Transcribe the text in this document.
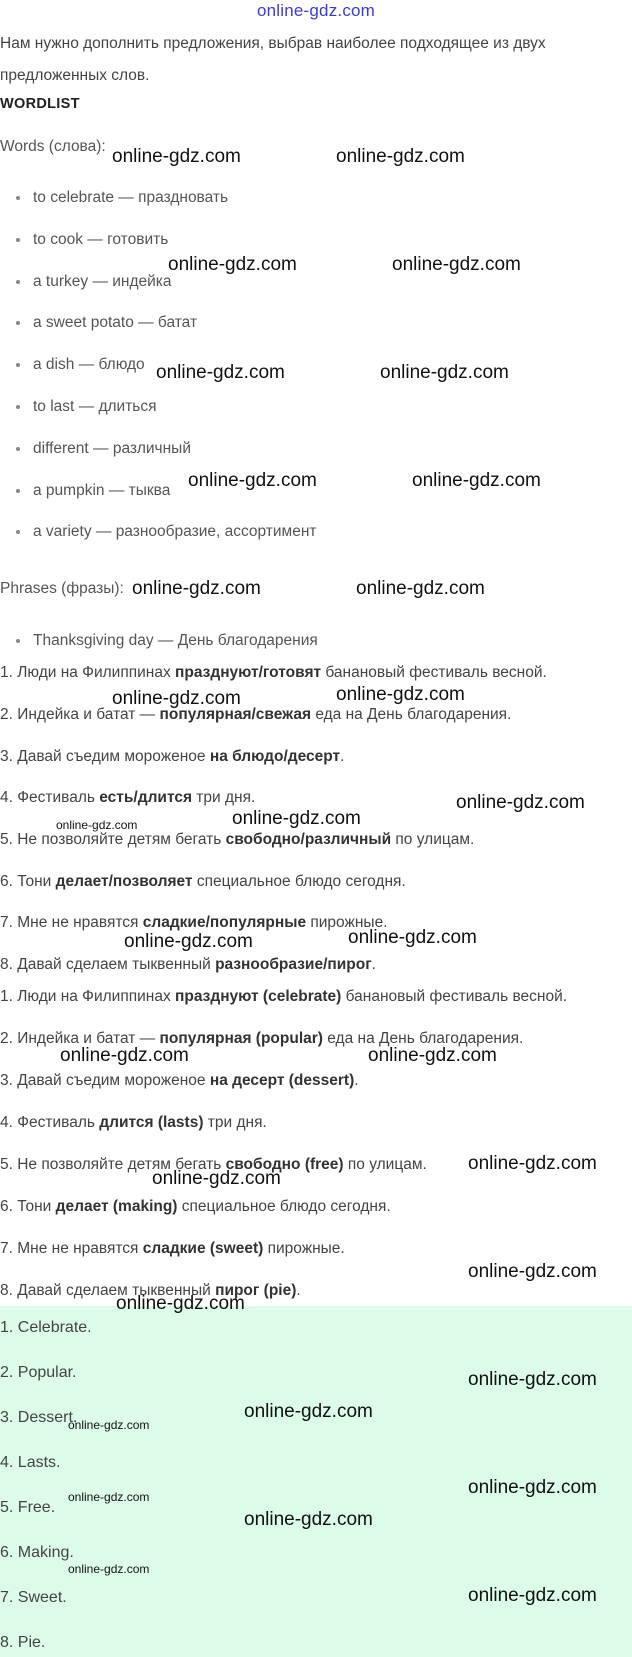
online-gdz.com
Нам нужно дополнить предложения, выбрав наиболее подходящее из двух предложенных слов.
WORDLIST
Words (слова):
to celebrate — праздновать
to cook — готовить
a turkey — индейка
a sweet potato — батат
a dish — блюдо
to last — длиться
different — различный
a pumpkin — тыква
a variety — разнообразие, ассортимент
Phrases (фразы):
Thanksgiving day — День благодарения
1. Люди на Филиппинах празднуют/готовят банановый фестиваль весной.
2. Индейка и батат — популярная/свежая еда на День благодарения.
3. Давай съедим мороженое на блюдо/десерт.
4. Фестиваль есть/длится три дня.
5. Не позволяйте детям бегать свободно/различный по улицам.
6. Тони делает/позволяет специальное блюдо сегодня.
7. Мне не нравятся сладкие/популярные пирожные.
8. Давай сделаем тыквенный разнообразие/пирог.
1. Люди на Филиппинах празднуют (celebrate) банановый фестиваль весной.
2. Индейка и батат — популярная (popular) еда на День благодарения.
3. Давай съедим мороженое на десерт (dessert).
4. Фестиваль длится (lasts) три дня.
5. Не позволяйте детям бегать свободно (free) по улицам.
6. Тони делает (making) специальное блюдо сегодня.
7. Мне не нравятся сладкие (sweet) пирожные.
8. Давай сделаем тыквенный пирог (pie).
1. Celebrate.
2. Popular.
3. Dessert.
4. Lasts.
5. Free.
6. Making.
7. Sweet.
8. Pie.
online-gdz.com	online-gdz.com
online-gdz.com	online-gdz.com
online-gdz.com	online-gdz.com
online-gdz.com	online-gdz.com
online-gdz.com	online-gdz.com
online-gdz.com	online-gdz.com
online-gdz.com	online-gdz.com
online-gdz.com
online-gdz.com	online-gdz.com
online-gdz.com	online-gdz.com
online-gdz.com
online-gdz.com
online-gdz.com
online-gdz.com
online-gdz.com
online-gdz.com
online-gdz.com
online-gdz.com
online-gdz.com
online-gdz.com
online-gdz.com
online-gdz.com
